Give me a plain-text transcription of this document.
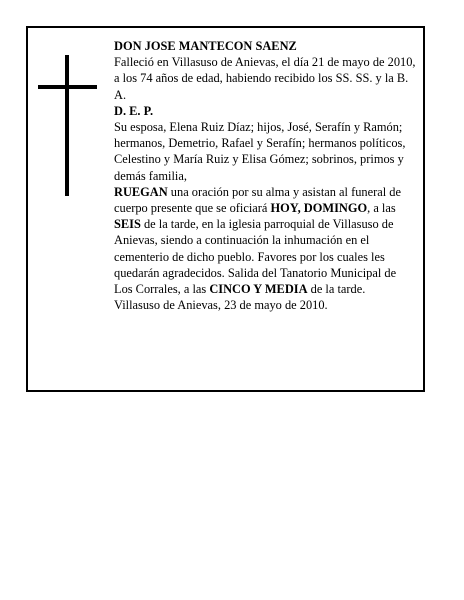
DON JOSE MANTECON SAENZ

Falleció en Villasuso de Anievas, el día 21 de mayo de 2010, a los 74 años de edad, habiendo recibido los SS. SS. y la B. A.

D. E. P.

Su esposa, Elena Ruiz Díaz; hijos, José, Serafín y Ramón; hermanos, Demetrio, Rafael y Serafín; hermanos políticos, Celestino y María Ruiz y Elisa Gómez; sobrinos, primos y demás familia,

RUEGAN una oración por su alma y asistan al funeral de cuerpo presente que se oficiará HOY, DOMINGO, a las SEIS de la tarde, en la iglesia parroquial de Villasuso de Anievas, siendo a continuación la inhumación en el cementerio de dicho pueblo. Favores por los cuales les quedarán agradecidos. Salida del Tanatorio Municipal de Los Corrales, a las CINCO Y MEDIA de la tarde.

Villasuso de Anievas, 23 de mayo de 2010.
